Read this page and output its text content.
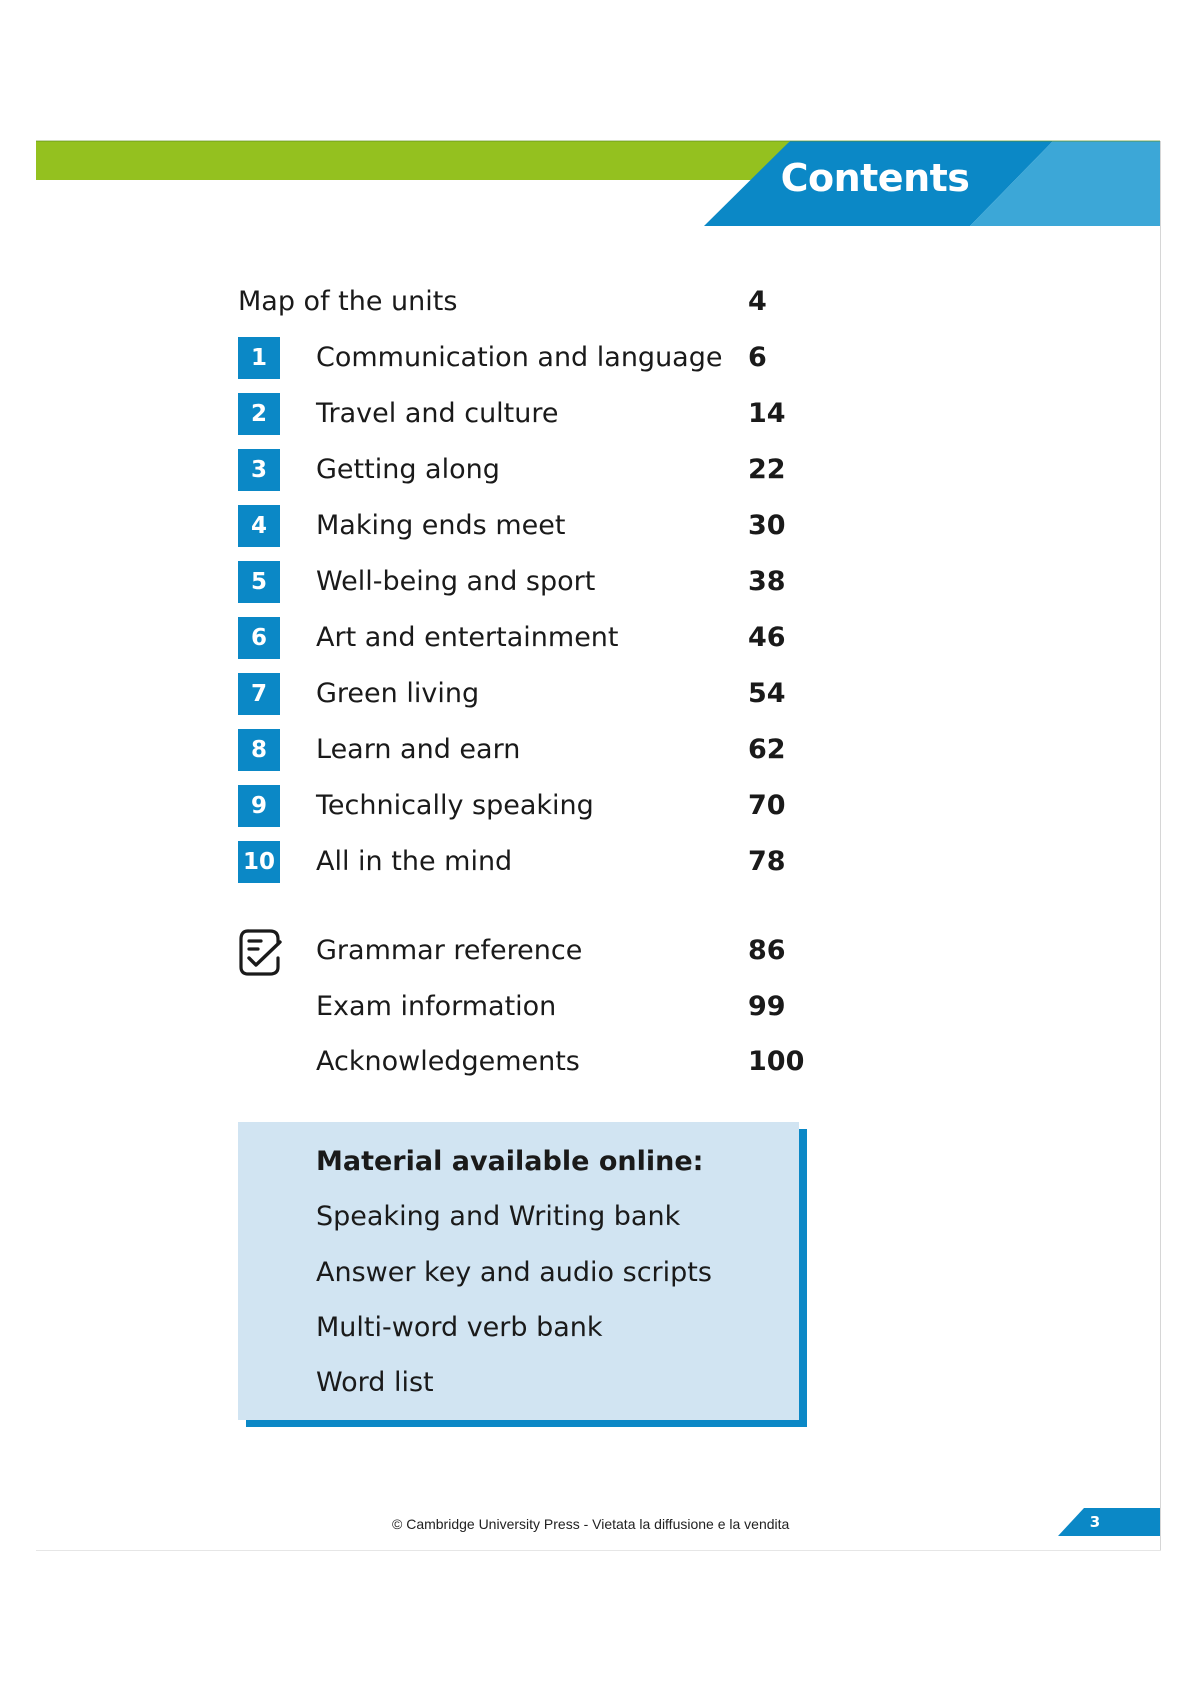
Contents
Map of the units	4
1	Communication and language 6
2	Travel and culture	14
3	Getting along	22
4	Making ends meet	30
5	Well-being and sport	38
6	Art and entertainment	46
7	Green living	54
8	Learn and earn	62
9	Technically speaking	70
10 All in the mind	78
Grammar reference	86
Exam information	99
Acknowledgements	100
Material available online:
Speaking and Writing bank
Answer key and audio scripts
Multi-word verb bank
Word list
© Cambridge University Press - Vietata la diffusione e la vendita	3
